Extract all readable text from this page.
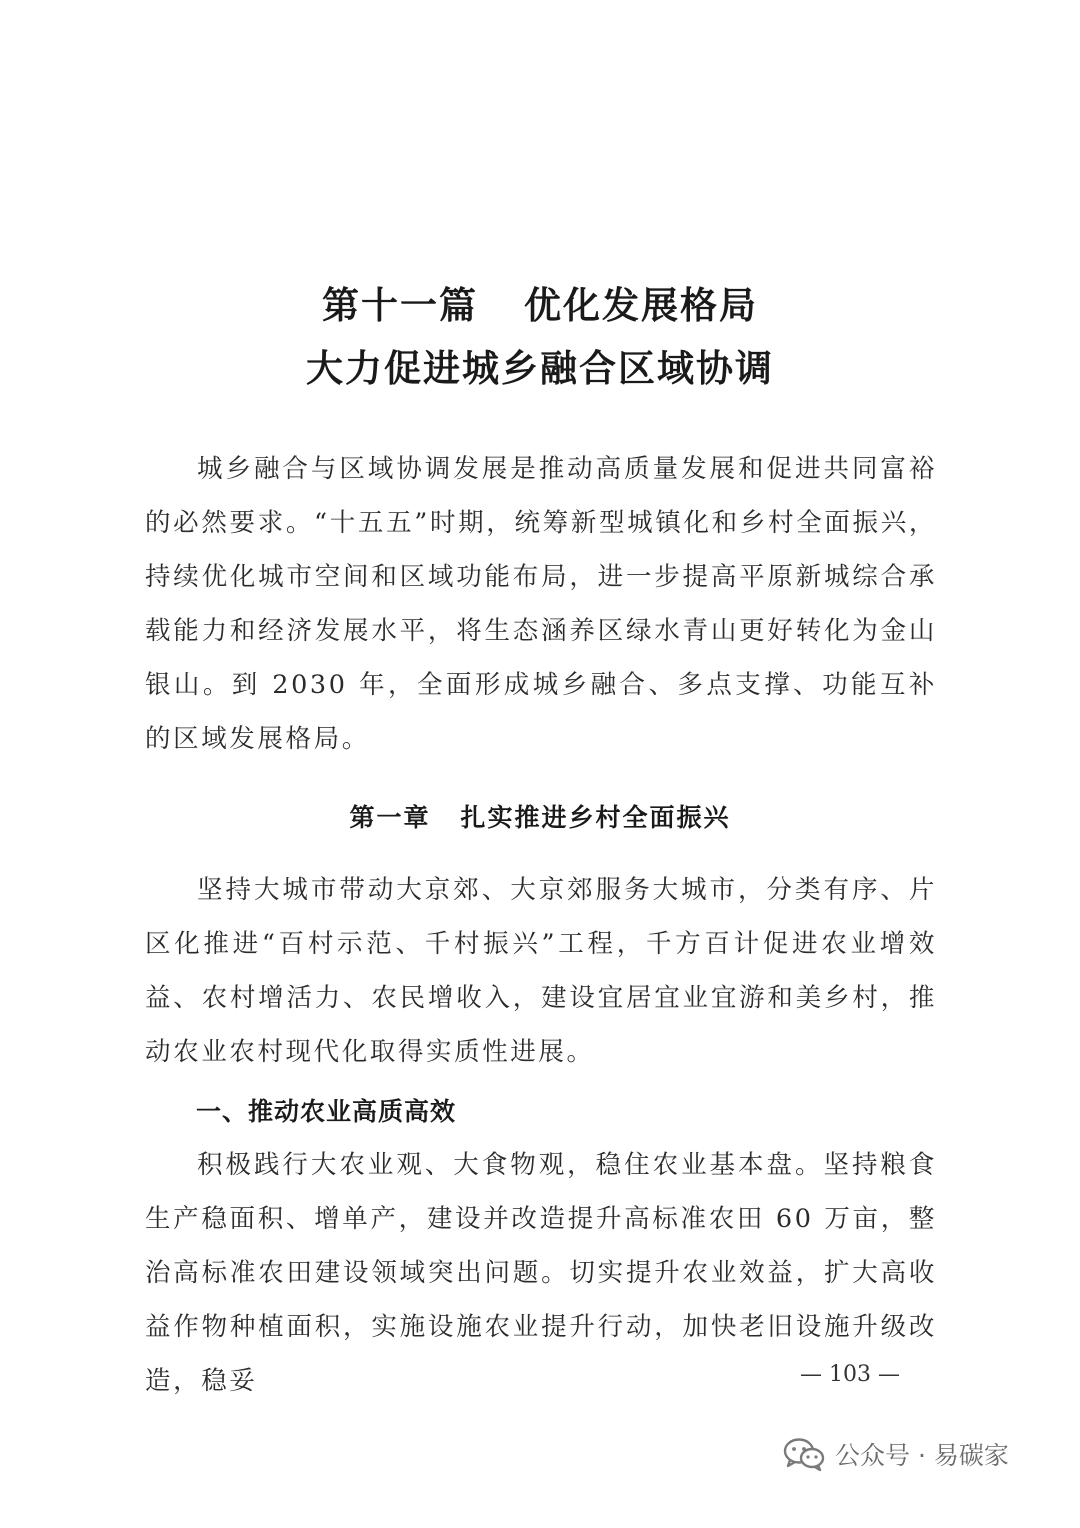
第十一篇 优化发展格局
大力促进城乡融合区域协调
城乡融合与区域协调发展是推动高质量发展和促进共同富裕的必然要求。“十五五”时期，统筹新型城镇化和乡村全面振兴，持续优化城市空间和区域功能布局，进一步提高平原新城综合承载能力和经济发展水平，将生态涵养区绿水青山更好转化为金山银山。到 2030 年，全面形成城乡融合、多点支撑、功能互补的区域发展格局。
第一章 扎实推进乡村全面振兴
坚持大城市带动大京郊、大京郊服务大城市，分类有序、片区化推进“百村示范、千村振兴”工程，千方百计促进农业增效益、农村增活力、农民增收入，建设宜居宜业宜游和美乡村，推动农业农村现代化取得实质性进展。
一、推动农业高质高效
积极践行大农业观、大食物观，稳住农业基本盘。坚持粮食生产稳面积、增单产，建设并改造提升高标准农田 60 万亩，整治高标准农田建设领域突出问题。切实提升农业效益，扩大高收益作物种植面积，实施设施农业提升行动，加快老旧设施升级改造，稳妥	— 103 —
公众号 · 易碳家
